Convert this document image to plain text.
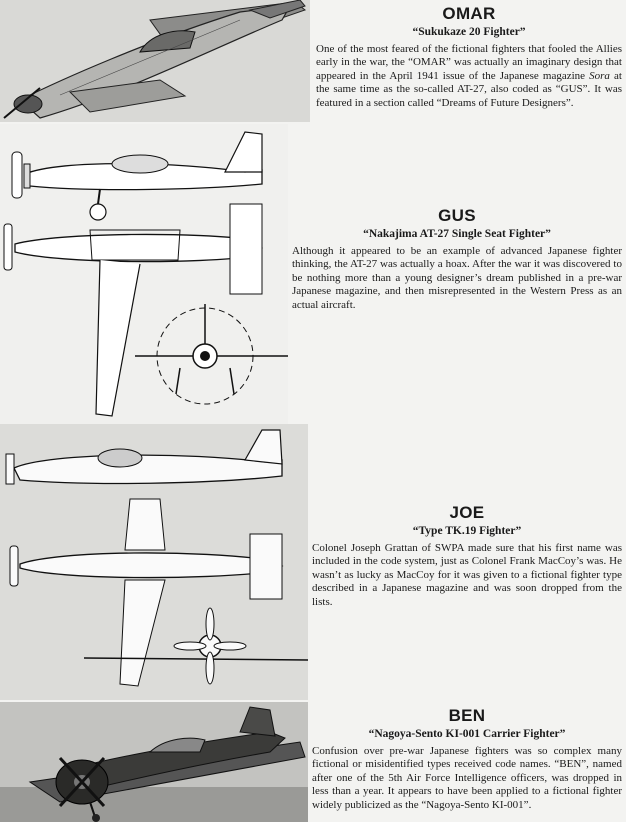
OMAR
“Sukukaze 20 Fighter”
One of the most feared of the fictional fighters that fooled the Allies early in the war, the “OMAR” was actually an imaginary design that appeared in the April 1941 issue of the Japanese magazine Sora at the same time as the so-called AT-27, also coded as “GUS”. It was featured in a section called “Dreams of Future Designers”.
GUS
“Nakajima AT-27 Single Seat Fighter”
Although it appeared to be an example of advanced Japanese fighter thinking, the AT-27 was actually a hoax. After the war it was discovered to be nothing more than a young designer’s dream published in a pre-war Japanese magazine, and then misrepresented in the Western Press as an actual aircraft.
JOE
“Type TK.19 Fighter”
Colonel Joseph Grattan of SWPA made sure that his first name was included in the code system, just as Colonel Frank MacCoy’s was. He wasn’t as lucky as MacCoy for it was given to a fictional fighter type described in a Japanese magazine and was soon dropped from the lists.
BEN
“Nagoya-Sento KI-001 Carrier Fighter”
Confusion over pre-war Japanese fighters was so complex many fictional or misidentified types received code names. “BEN”, named after one of the 5th Air Force Intelligence officers, was dropped in less than a year. It appears to have been applied to a fictional fighter widely publicized as the “Nagoya-Sento KI-001”.
